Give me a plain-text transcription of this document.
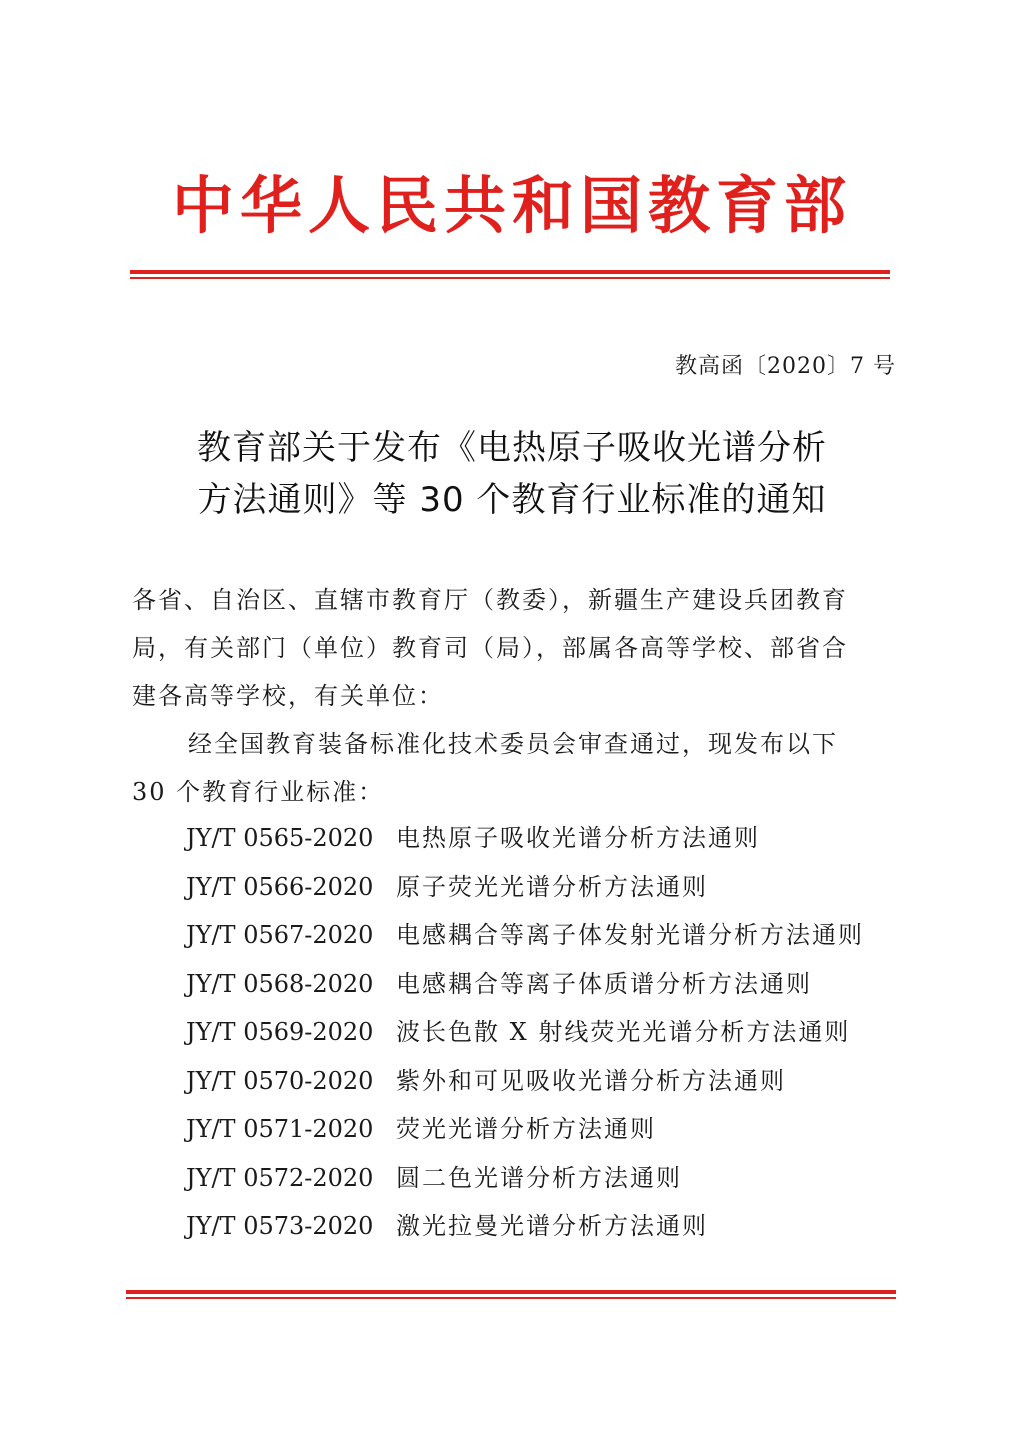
中华人民共和国教育部
教高函〔2020〕7 号
教育部关于发布《电热原子吸收光谱分析
方法通则》等 30 个教育行业标准的通知

各省、自治区、直辖市教育厅（教委），新疆生产建设兵团教育

局，有关部门（单位）教育司（局），部属各高等学校、部省合

建各高等学校，有关单位：

经全国教育装备标准化技术委员会审查通过，现发布以下

30 个教育行业标准：

JY/T 0565-2020 电热原子吸收光谱分析方法通则
JY/T 0566-2020 原子荧光光谱分析方法通则
JY/T 0567-2020 电感耦合等离子体发射光谱分析方法通则
JY/T 0568-2020 电感耦合等离子体质谱分析方法通则
JY/T 0569-2020 波长色散 X 射线荧光光谱分析方法通则
JY/T 0570-2020 紫外和可见吸收光谱分析方法通则
JY/T 0571-2020 荧光光谱分析方法通则
JY/T 0572-2020 圆二色光谱分析方法通则
JY/T 0573-2020 激光拉曼光谱分析方法通则
